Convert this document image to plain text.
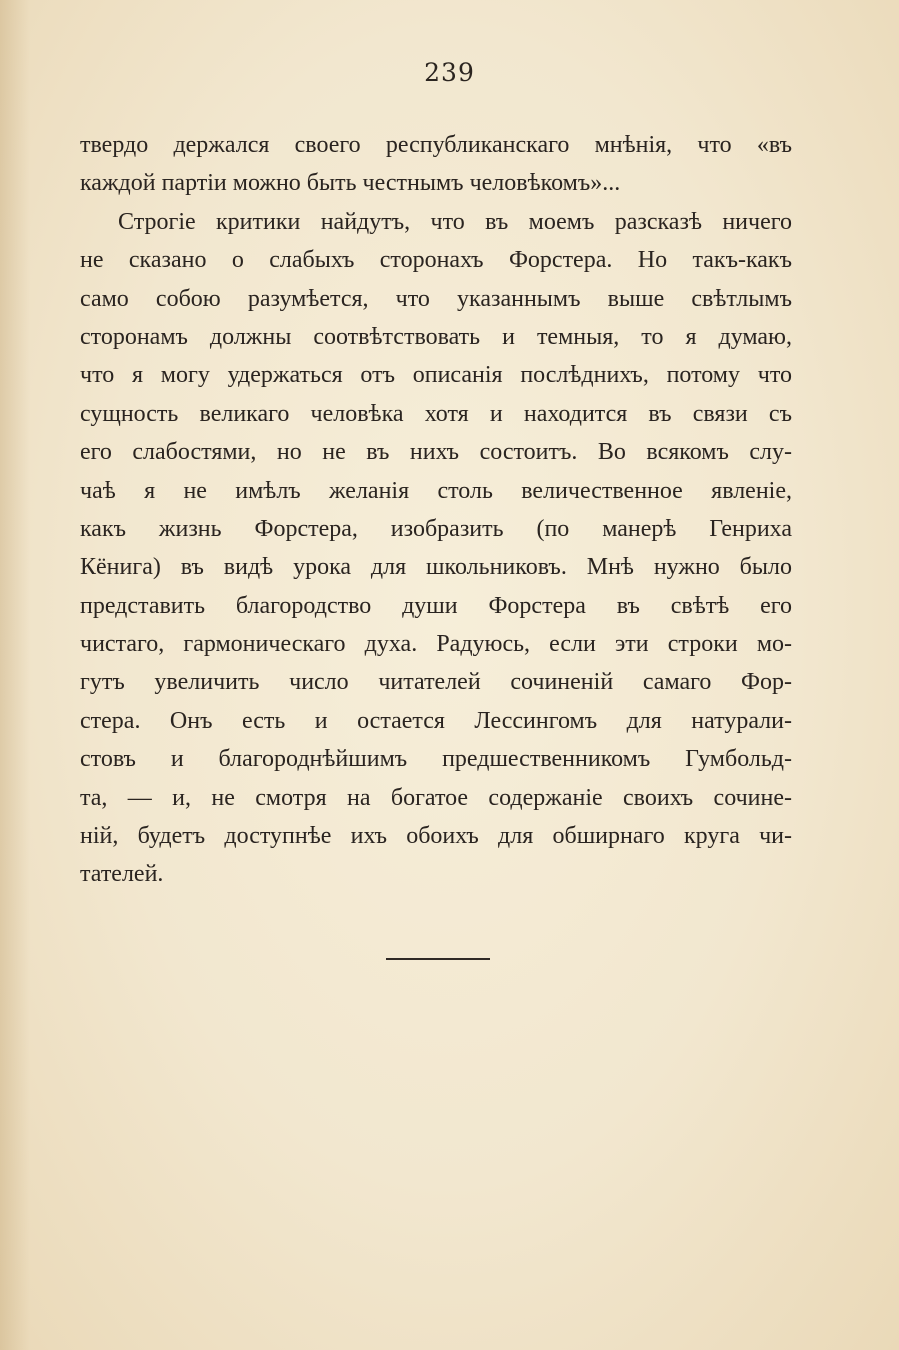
239
твердо держался своего республиканскаго мнѣнія, что «въ
каждой партіи можно быть честнымъ человѣкомъ»...
Строгіе критики найдутъ, что въ моемъ разсказѣ ничего
не сказано о слабыхъ сторонахъ Форстера. Но такъ-какъ
само собою разумѣется, что указаннымъ выше свѣтлымъ
сторонамъ должны соотвѣтствовать и темныя, то я думаю,
что я могу удержаться отъ описанія послѣднихъ, потому что
сущность великаго человѣка хотя и находится въ связи съ
его слабостями, но не въ нихъ состоитъ. Во всякомъ слу-
чаѣ я не имѣлъ желанія столь величественное явленіе,
какъ жизнь Форстера, изобразить (по манерѣ Генриха
Кёнига) въ видѣ урока для школьниковъ. Мнѣ нужно было
представить благородство души Форстера въ свѣтѣ его
чистаго, гармоническаго духа. Радуюсь, если эти строки мо-
гутъ увеличить число читателей сочиненій самаго Фор-
стера. Онъ есть и остается Лессингомъ для натурали-
стовъ и благороднѣйшимъ предшественникомъ Гумбольд-
та, — и, не смотря на богатое содержаніе своихъ сочине-
ній, будетъ доступнѣе ихъ обоихъ для обширнаго круга чи-
тателей.
